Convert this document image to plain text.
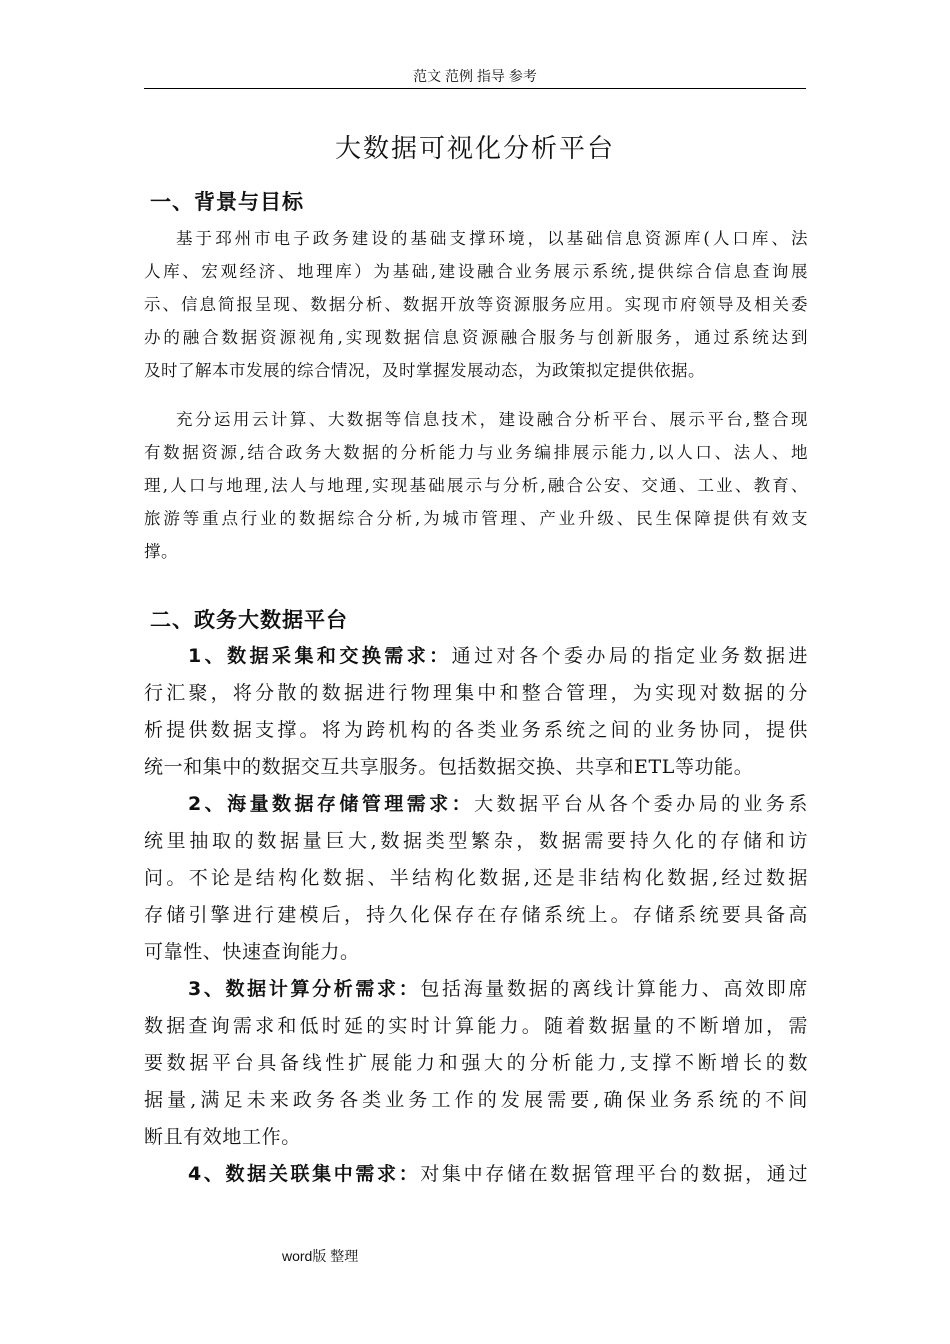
范文 范例 指导 参考
大数据可视化分析平台
一、背景与目标
基于邳州市电子政务建设的基础支撑环境，以基础信息资源库(人口库、法
人库、宏观经济、地理库）为基础,建设融合业务展示系统,提供综合信息查询展
示、信息简报呈现、数据分析、数据开放等资源服务应用。实现市府领导及相关委
办的融合数据资源视角,实现数据信息资源融合服务与创新服务，通过系统达到
及时了解本市发展的综合情况，及时掌握发展动态，为政策拟定提供依据。
充分运用云计算、大数据等信息技术，建设融合分析平台、展示平台,整合现
有数据资源,结合政务大数据的分析能力与业务编排展示能力,以人口、法人、地
理,人口与地理,法人与地理,实现基础展示与分析,融合公安、交通、工业、教育、
旅游等重点行业的数据综合分析,为城市管理、产业升级、民生保障提供有效支
撑。
二、政务大数据平台
1、数据采集和交换需求：通过对各个委办局的指定业务数据进
行汇聚，将分散的数据进行物理集中和整合管理，为实现对数据的分
析提供数据支撑。将为跨机构的各类业务系统之间的业务协同，提供
统一和集中的数据交互共享服务。包括数据交换、共享和ETL等功能。
2、海量数据存储管理需求：大数据平台从各个委办局的业务系
统里抽取的数据量巨大,数据类型繁杂，数据需要持久化的存储和访
问。不论是结构化数据、半结构化数据,还是非结构化数据,经过数据
存储引擎进行建模后，持久化保存在存储系统上。存储系统要具备高
可靠性、快速查询能力。
3、数据计算分析需求：包括海量数据的离线计算能力、高效即席
数据查询需求和低时延的实时计算能力。随着数据量的不断增加，需
要数据平台具备线性扩展能力和强大的分析能力,支撑不断增长的数
据量,满足未来政务各类业务工作的发展需要,确保业务系统的不间
断且有效地工作。
4、数据关联集中需求：对集中存储在数据管理平台的数据，通过
word版 整理
